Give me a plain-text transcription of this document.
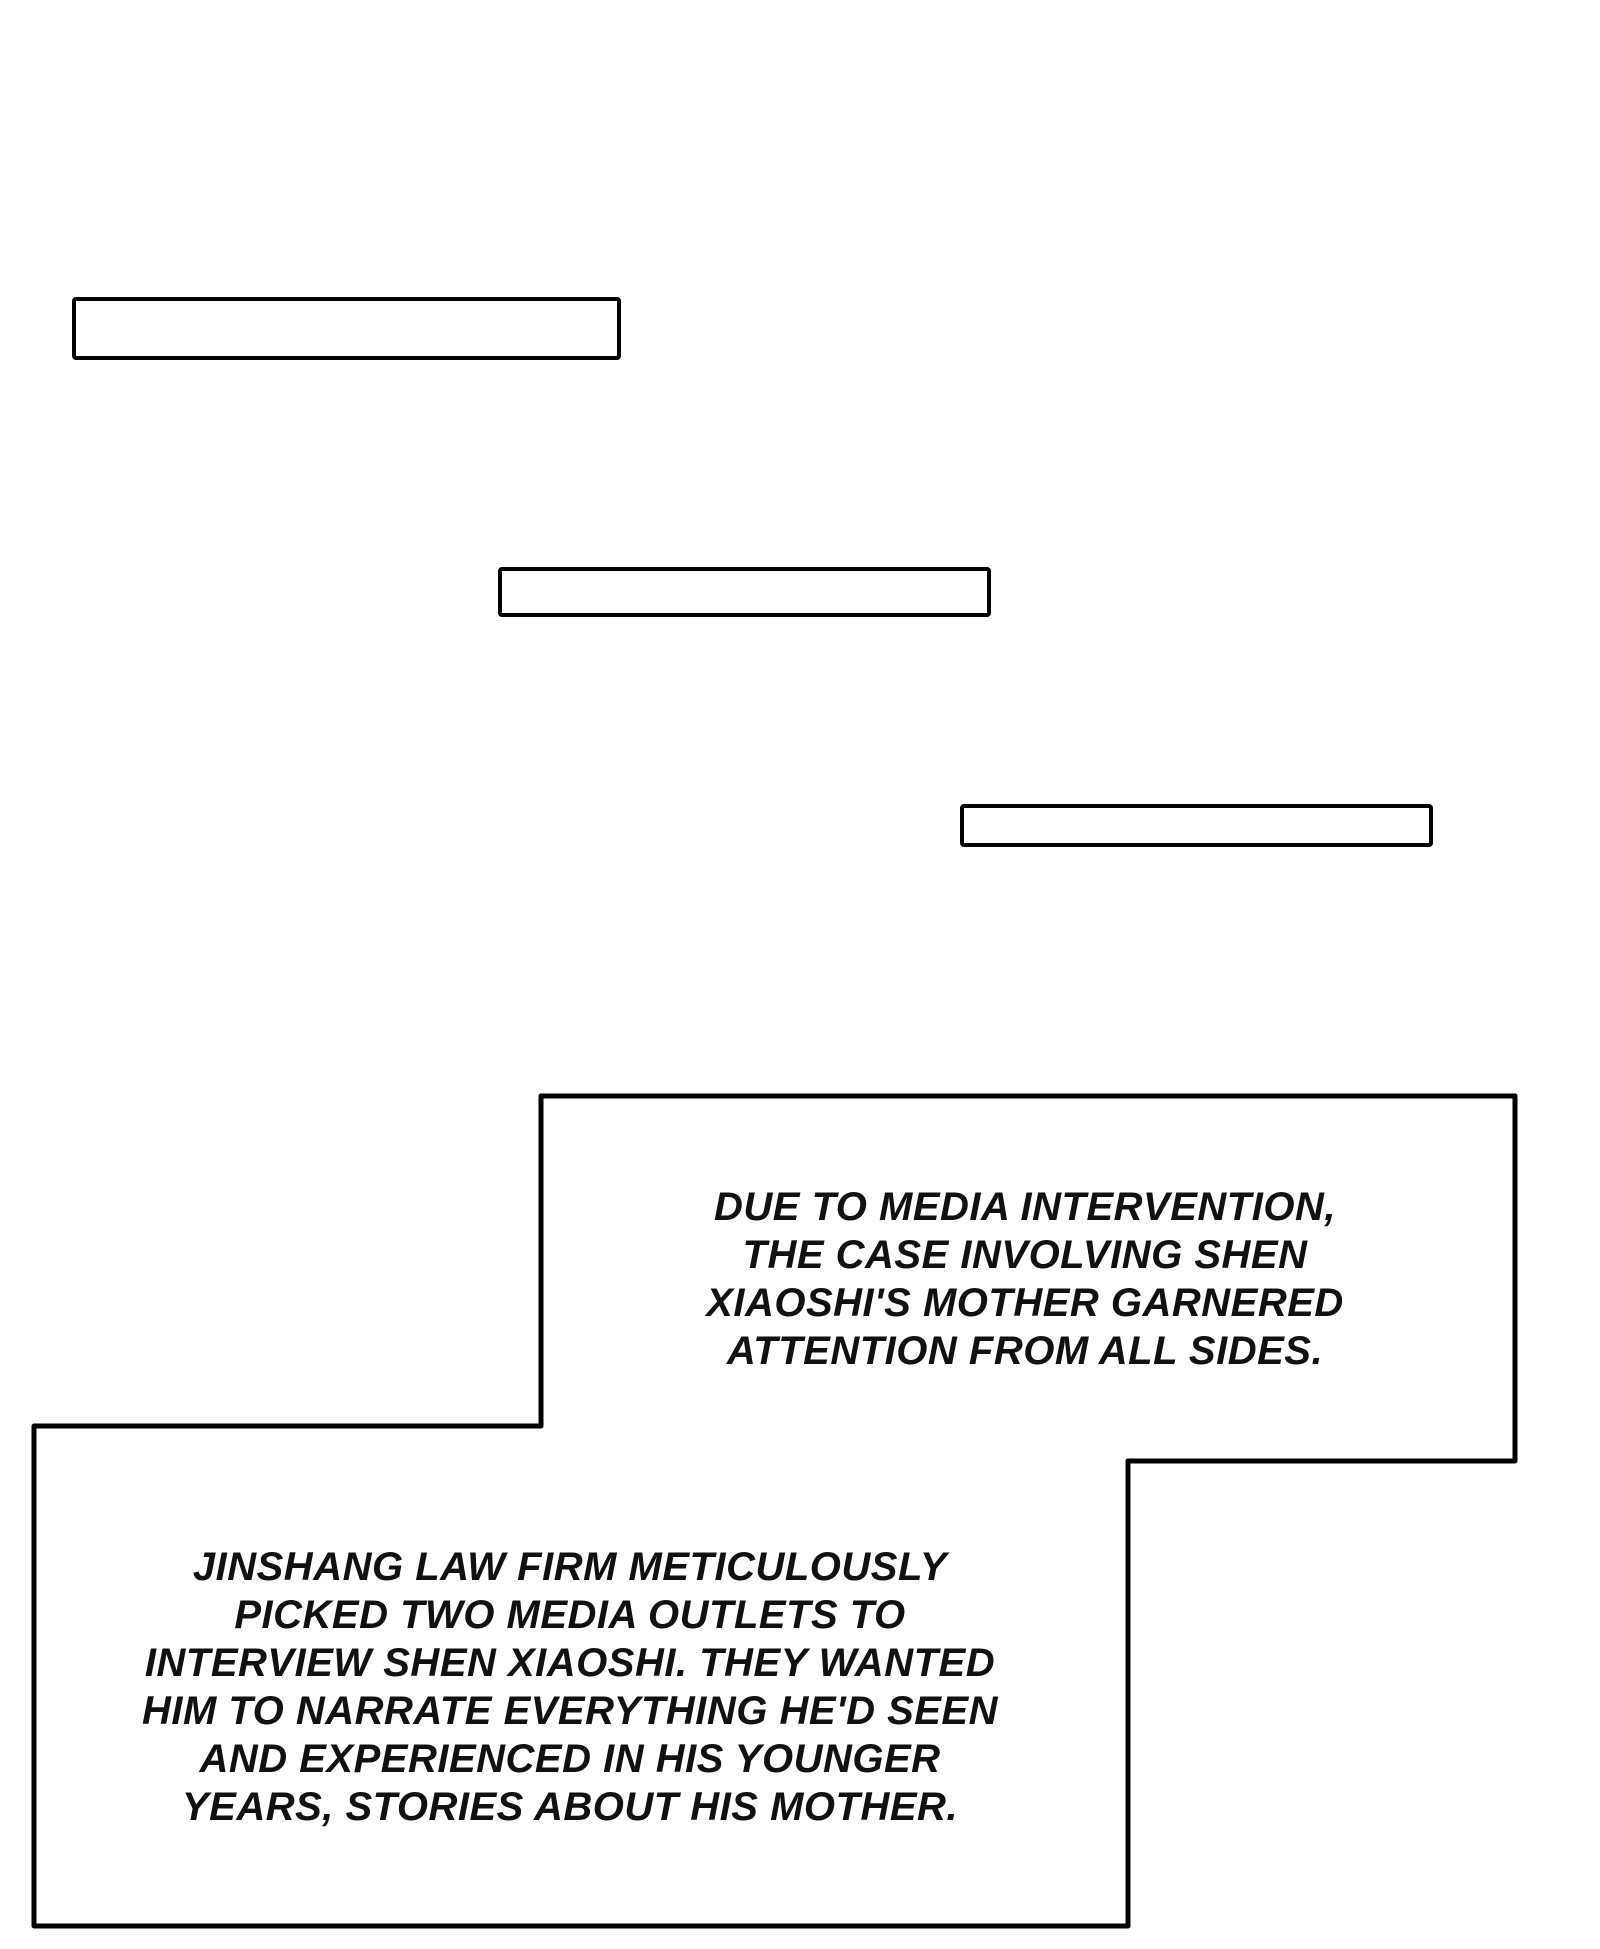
DUE TO MEDIA INTERVENTION,
THE CASE INVOLVING SHEN
XIAOSHI'S MOTHER GARNERED
ATTENTION FROM ALL SIDES.
JINSHANG LAW FIRM METICULOUSLY
PICKED TWO MEDIA OUTLETS TO
INTERVIEW SHEN XIAOSHI. THEY WANTED
HIM TO NARRATE EVERYTHING HE'D SEEN
AND EXPERIENCED IN HIS YOUNGER
YEARS, STORIES ABOUT HIS MOTHER.
